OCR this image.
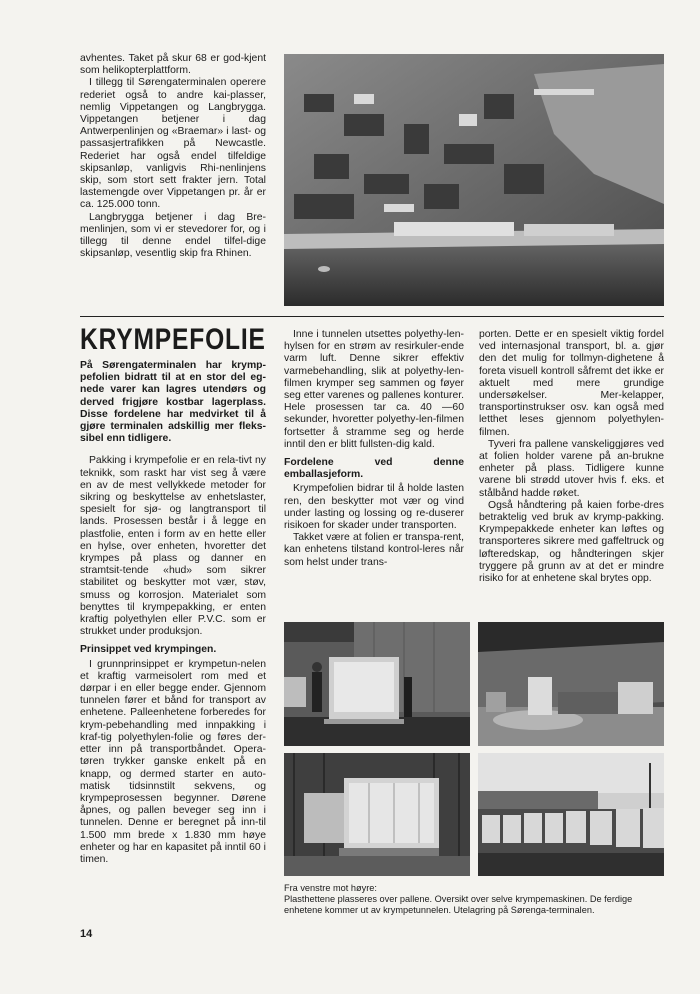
avhentes. Taket på skur 68 er god-kjent som helikopterplattform.

I tillegg til Sørengaterminalen operere rederiet også to andre kai-plasser, nemlig Vippetangen og Langbrygga. Vippetangen betjener i dag Antwerpenlinjen og «Braemar» i last- og passasjertrafikken på Newcastle. Rederiet har også endel tilfeldige skipsanløp, vanligvis Rhi-nenlinjens skip, som stort sett frakter jern. Total lastemengde over Vippetangen pr. år er ca. 125.000 tonn.

Langbrygga betjener i dag Bre-menlinjen, som vi er stevedorer for, og i tillegg til denne endel tilfel-dige skipsanløp, vesentlig skip fra Rhinen.

KRYMPEFOLIE

På Sørengaterminalen har krymp-pefolien bidratt til at en stor del eg-nede varer kan lagres utendørs og derved frigjøre kostbar lagerplass. Disse fordelene har medvirket til å gjøre terminalen adskillig mer fleks-sibel enn tidligere.

Pakking i krympefolie er en rela-tivt ny teknikk, som raskt har vist seg å være en av de mest vellykkede metoder for sikring og beskyttelse av enhetslaster, spesielt for sjø- og langtransport til lands. Prosessen består i å legge en plastfolie, enten i form av en hette eller en hylse, over enheten, hvoretter det krympes på plass og danner en stramtsit-tende «hud» som sikrer stabilitet og beskytter mot vær, støv, smuss og korrosjon. Materialet som benyttes til krympepakking, er enten kraftig polyethylen eller P.V.C. som er strukket under produksjon.

Prinsippet ved krympingen.

I grunnprinsippet er krympetun-nelen et kraftig varmeisolert rom med et dørpar i en eller begge ender. Gjennom tunnelen fører et bånd for transport av enhetene. Palleenhetene forberedes for krym-pebehandling med innpakking i kraf-tig polyethylen-folie og føres der-etter inn på transportbåndet. Opera-tøren trykker ganske enkelt på en knapp, og dermed starter en auto-matisk tidsinnstilt sekvens, og krympeprosessen begynner. Dørene åpnes, og pallen beveger seg inn i tunnelen. Denne er beregnet på inn-til 1.500 mm brede x 1.830 mm høye enheter og har en kapasitet på inntil 60 i timen.

Inne i tunnelen utsettes polyethy-len-hylsen for en strøm av resirkuler-ende varm luft. Denne sikrer effektiv varmebehandling, slik at polyethy-len-filmen krymper seg sammen og føyer seg etter varenes og pallenes konturer. Hele prosessen tar ca. 40 —60 sekunder, hvoretter polyethy-len-filmen fortsetter å stramme seg og herde inntil den er blitt fullsten-dig kald.

Fordelene ved denne emballasjeform.

Krympefolien bidrar til å holde lasten ren, den beskytter mot vær og vind under lasting og lossing og re-duserer risikoen for skader under transporten.

Takket være at folien er transpa-rent, kan enhetens tilstand kontrol-leres når som helst under trans-

porten. Dette er en spesielt viktig fordel ved internasjonal transport, bl. a. gjør den det mulig for tollmyn-dighetene å foreta visuell kontroll såfremt det ikke er aktuelt med mere grundige undersøkelser. Mer-kelapper, transportinstrukser osv. kan også med letthet leses gjennom polyethylen-filmen.

Tyveri fra pallene vanskeliggjøres ved at folien holder varene på an-brukne enheter på plass. Tidligere kunne varene bli strødd utover hvis f. eks. et stålbånd hadde røket.

Også håndtering på kaien forbe-dres betraktelig ved bruk av krymp-pakking. Krympepakkede enheter kan løftes og transporteres sikrere med gaffeltruck og løfteredskap, og håndteringen skjer tryggere på grunn av at det er mindre risiko for at enhetene skal brytes opp.

Fra venstre mot høyre:
Plasthettene plasseres over pallene. Oversikt over selve krympemaskinen. De ferdige enhetene kommer ut av krympetunnelen. Utelagring på Sørenga-terminalen.
14
